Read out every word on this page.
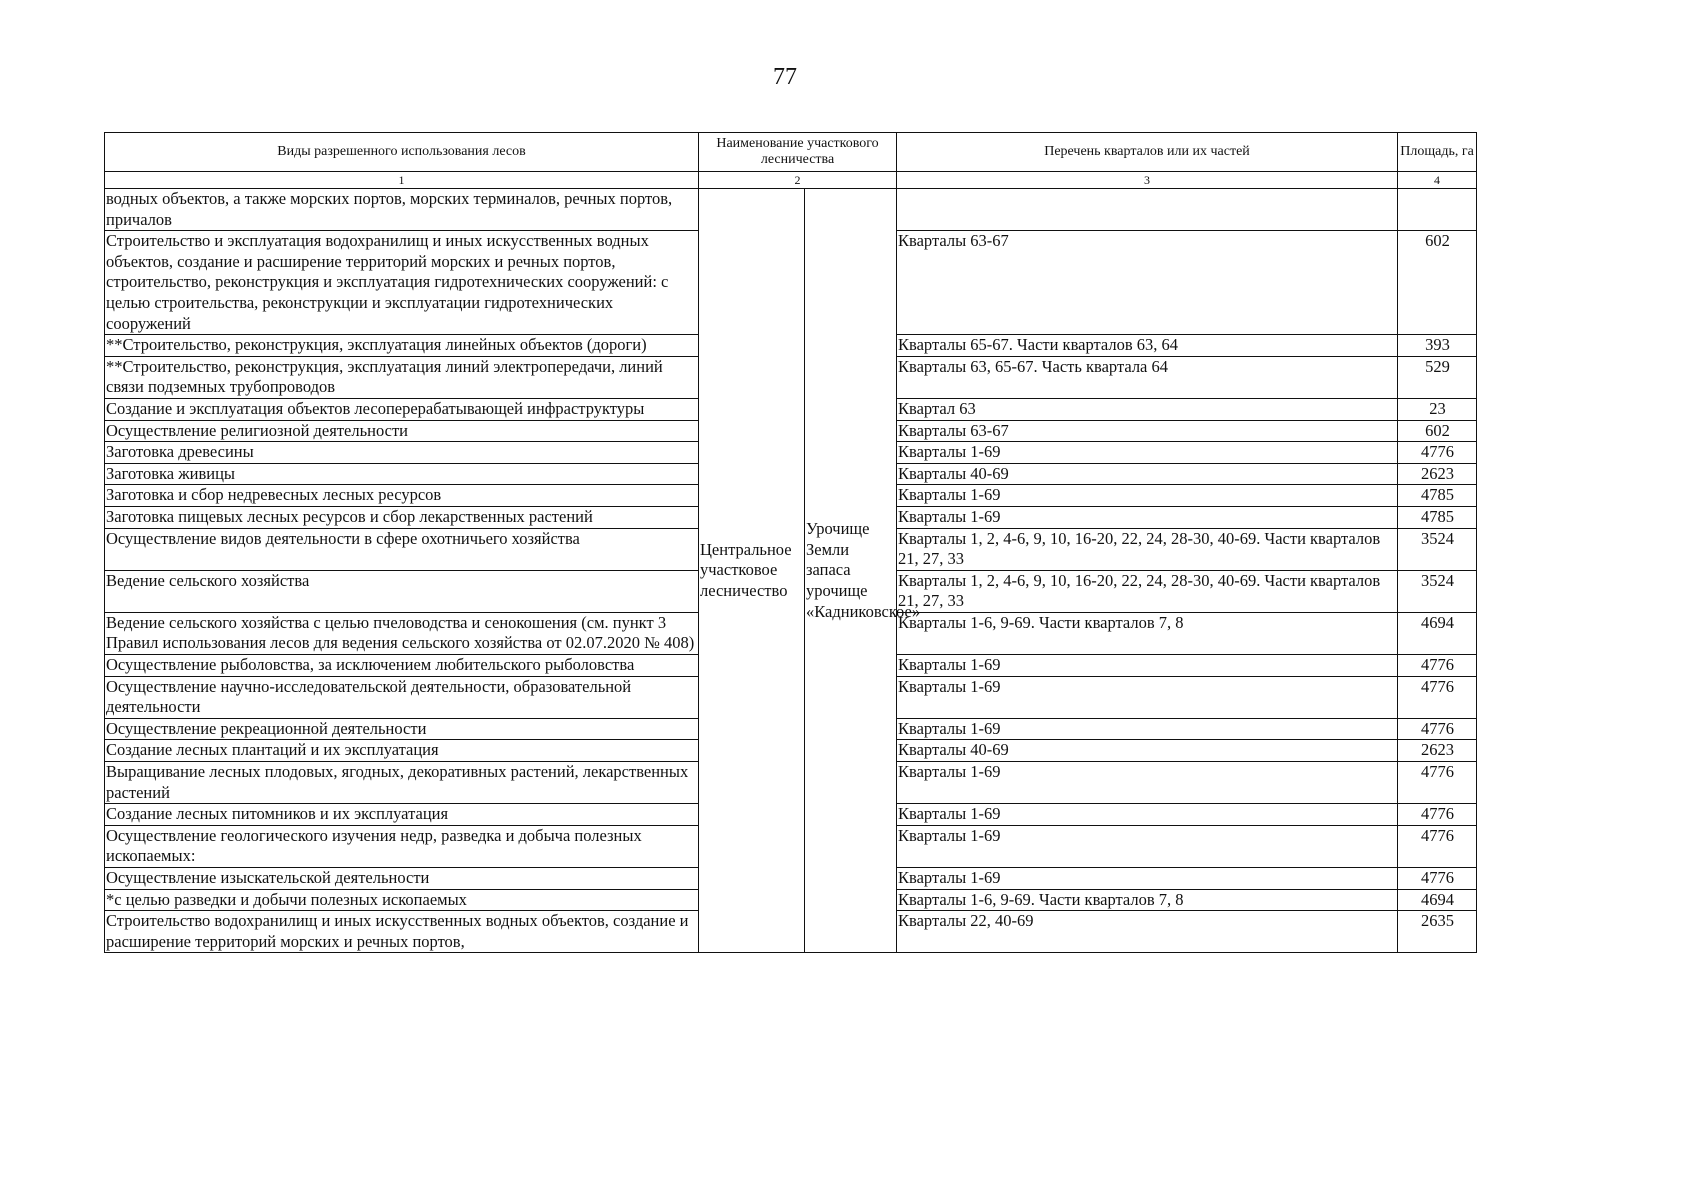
77
Виды разрешенного использования лесов	Наименование участкового лесничества		Перечень кварталов или их частей	Площадь, га
1	2		3	4
водных объектов, а также морских портов, морских терминалов, речных портов, причалов	Центральное участковое лесничество	Урочище Земли запаса урочище «Кадниковское»		

Строительство и эксплуатация водохранилищ и иных искусственных водных объектов, создание и расширение территорий морских и речных портов, строительство, реконструкция и эксплуатация гидротехнических сооружений: с целью строительства, реконструкции и эксплуатации гидротехнических сооружений			Кварталы 63-67	602
**Строительство, реконструкция, эксплуатация линейных объектов (дороги)			Кварталы 65-67. Части кварталов 63, 64	393
**Строительство, реконструкция, эксплуатация линий электропередачи, линий связи подземных трубопроводов			Кварталы 63, 65-67. Часть квартала 64	529
Создание и эксплуатация объектов лесоперерабатывающей инфраструктуры			Квартал 63	23
Осуществление религиозной деятельности			Кварталы 63-67	602
Заготовка древесины			Кварталы 1-69	4776
Заготовка живицы			Кварталы 40-69	2623
Заготовка и сбор недревесных лесных ресурсов			Кварталы 1-69	4785
Заготовка пищевых лесных ресурсов и сбор лекарственных растений			Кварталы 1-69	4785
Осуществление видов деятельности в сфере охотничьего хозяйства			Кварталы 1, 2, 4-6, 9, 10, 16-20, 22, 24, 28-30, 40-69. Части кварталов 21, 27, 33	3524
Ведение сельского хозяйства			Кварталы 1, 2, 4-6, 9, 10, 16-20, 22, 24, 28-30, 40-69. Части кварталов 21, 27, 33	3524
Ведение сельского хозяйства с целью пчеловодства и сенокошения (см. пункт 3 Правил использования лесов для ведения сельского хозяйства от 02.07.2020 № 408)			Кварталы 1-6, 9-69. Части кварталов 7, 8	4694
Осуществление рыболовства, за исключением любительского рыболовства			Кварталы 1-69	4776
Осуществление научно-исследовательской деятельности, образовательной деятельности			Кварталы 1-69	4776
Осуществление рекреационной деятельности			Кварталы 1-69	4776
Создание лесных плантаций и их эксплуатация			Кварталы 40-69	2623
Выращивание лесных плодовых, ягодных, декоративных растений, лекарственных растений			Кварталы 1-69	4776
Создание лесных питомников и их эксплуатация			Кварталы 1-69	4776
Осуществление геологического изучения недр, разведка и добыча полезных ископаемых:			Кварталы 1-69	4776
Осуществление изыскательской деятельности			Кварталы 1-69	4776
*с целью разведки и добычи полезных ископаемых			Кварталы 1-6, 9-69. Части кварталов 7, 8	4694
Строительство водохранилищ и иных искусственных водных объектов, создание и расширение территорий морских и речных портов,			Кварталы 22, 40-69	2635
